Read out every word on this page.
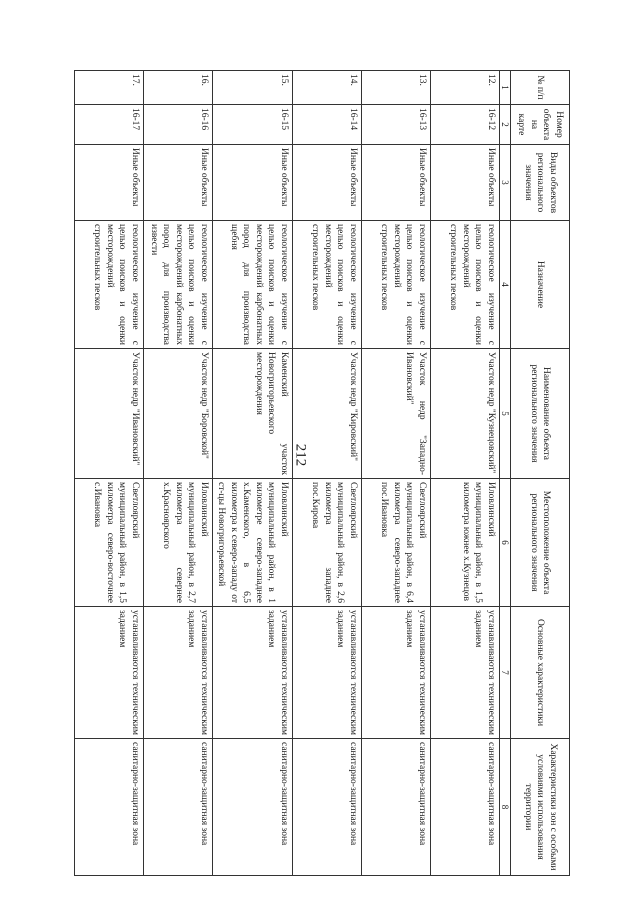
212
№ п/п	Номер объекта на карте	Виды объектов регионального значения	Назначение	Наименование объекта регионального значения	Местоположение объекта регионального значения	Основные характеристики	Характеристики зон с особыми условиями использования территории
1	2	3	4	5	6	7	8
12.	16-12	Иные объекты	геологическое изучение с целью поисков и оценки месторождений строительных песков	Участок недр "Кузнецовский"	Иловлинский муниципальный район, в 1,5 километра южнее х.Кузнецов	устанавливаются техническим заданием	санитарно-защитная зона
13.	16-13	Иные объекты	геологическое изучение с целью поисков и оценки месторождений строительных песков	Участок недр "Западно-Ивановский"	Светлоярский муниципальный район, в 6,4 километра северо-западнее пос.Ивановка	устанавливаются техническим заданием	санитарно-защитная зона
14.	16-14	Иные объекты	геологическое изучение с целью поисков и оценки месторождений строительных песков	Участок недр "Кировский"	Светлоярский муниципальный район, в 2,6 километра западнее пос.Кирова	устанавливаются техническим заданием	санитарно-защитная зона
15.	16-15	Иные объекты	геологическое изучение с целью поисков и оценки месторождений карбонатных пород для производства щебня	Каменский участок Новогригорьевского месторождения	Иловлинский муниципальный район, в 1 километре северо-западнее х.Каменского, в 6,5 километра к северо-западу от ст-цы Новогригорьевской	устанавливаются техническим заданием	санитарно-защитная зона
16.	16-16	Иные объекты	геологическое изучение с целью поисков и оценки месторождений карбонатных пород для производства извести	Участок недр "Боровской"	Иловлинский муниципальный район, в 2,7 километра севернее х.Красноярского	устанавливаются техническим заданием	санитарно-защитная зона
17.	16-17	Иные объекты	геологическое изучение с целью поисков и оценки месторождений строительных песков	Участок недр "Ивановский"	Светлоярский муниципальный район, в 1,5 километра северо-восточнее с.Ивановка	устанавливаются техническим заданием	санитарно-защитная зона
